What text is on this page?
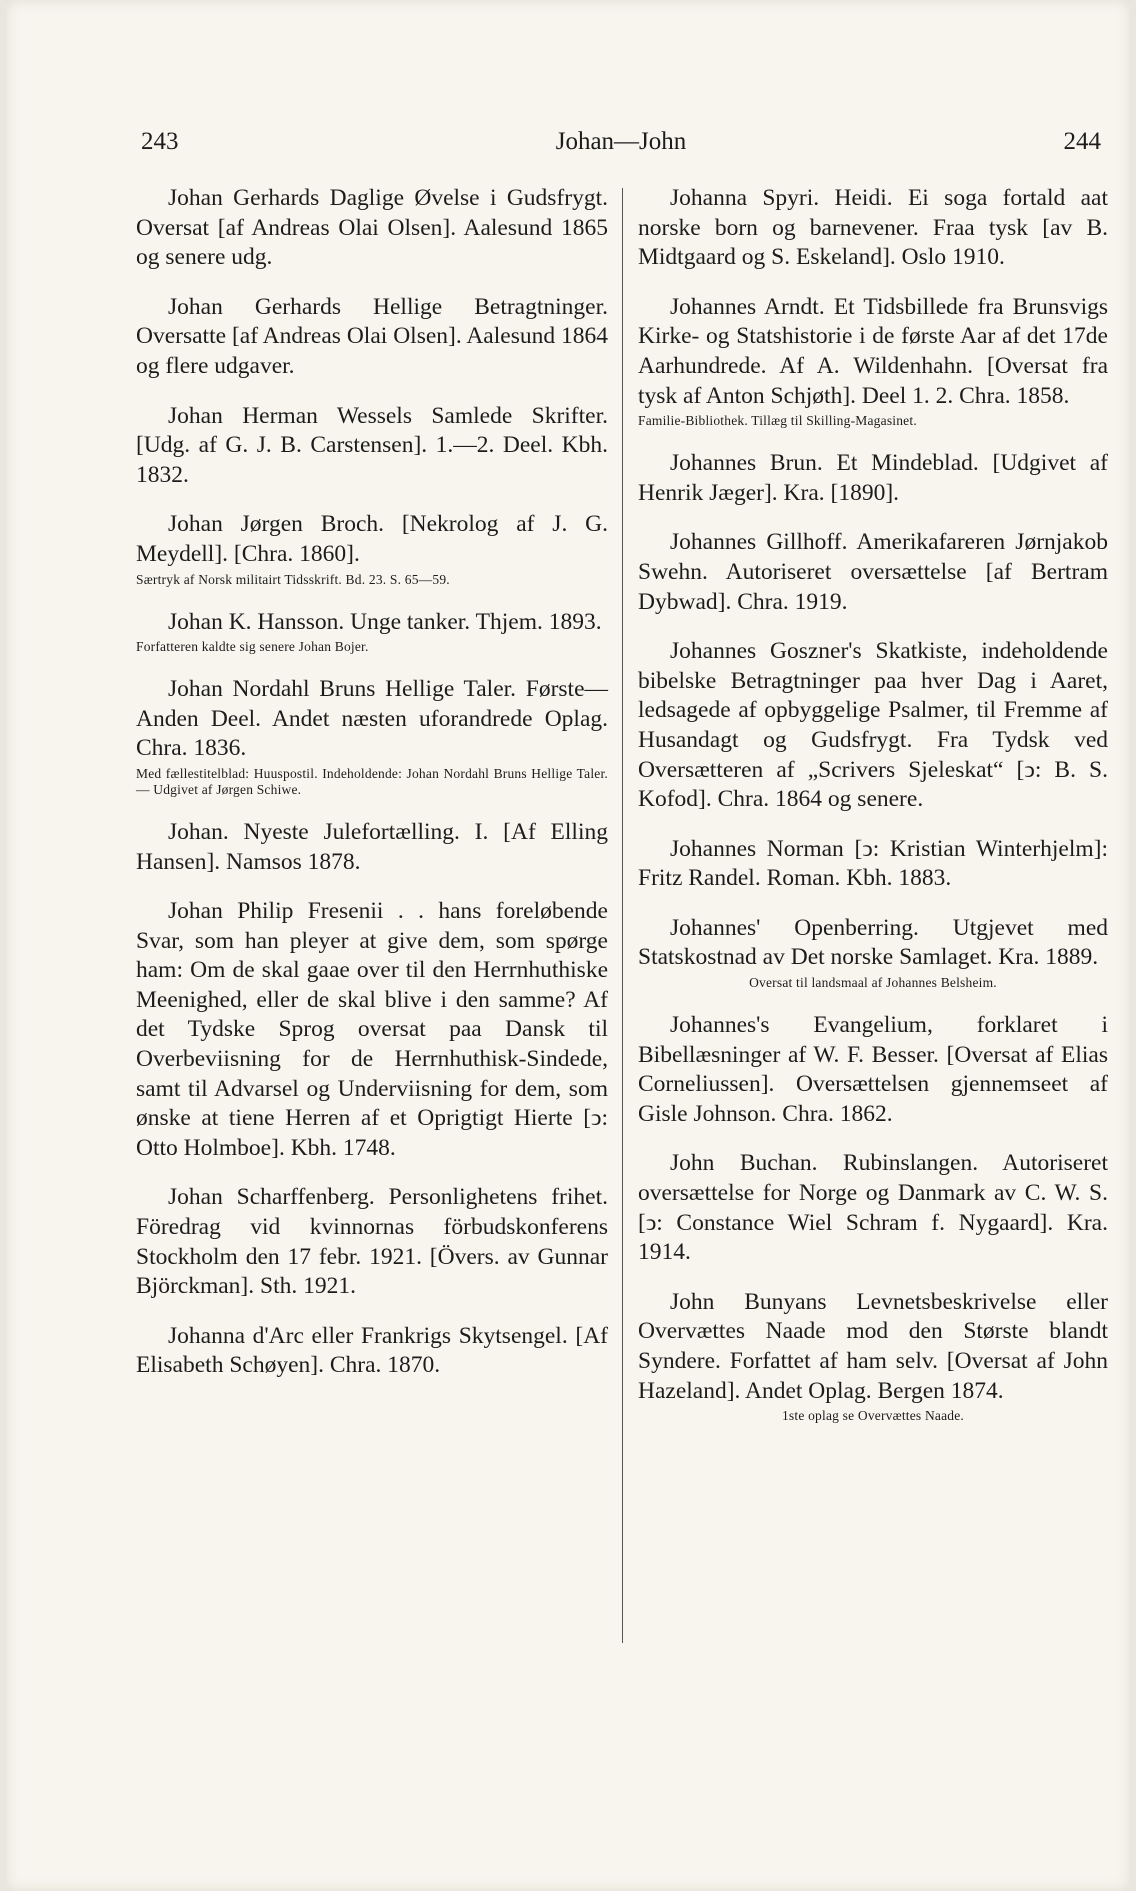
243	Johan—John	244

Johan Gerhards Daglige Øvelse i Gudsfrygt. Oversat [af Andreas Olai Olsen]. Aalesund 1865 og senere udg.

Johan Gerhards Hellige Betragtninger. Oversatte [af Andreas Olai Olsen]. Aalesund 1864 og flere udgaver.

Johan Herman Wessels Samlede Skrifter. [Udg. af G. J. B. Carstensen]. 1.—2. Deel. Kbh. 1832.

Johan Jørgen Broch. [Nekrolog af J. G. Meydell]. [Chra. 1860].

Særtryk af Norsk militairt Tidsskrift. Bd. 23. S. 65—59.

Johan K. Hansson. Unge tanker. Thjem. 1893.

Forfatteren kaldte sig senere Johan Bojer.

Johan Nordahl Bruns Hellige Taler. Første—Anden Deel. Andet næsten uforandrede Oplag. Chra. 1836.

Med fællestitelblad: Huuspostil. Indeholdende: Johan Nordahl Bruns Hellige Taler. — Udgivet af Jørgen Schiwe.

Johan. Nyeste Julefortælling. I. [Af Elling Hansen]. Namsos 1878.

Johan Philip Fresenii . . hans foreløbende Svar, som han pleyer at give dem, som spørge ham: Om de skal gaae over til den Herrnhuthiske Meenighed, eller de skal blive i den samme? Af det Tydske Sprog oversat paa Dansk til Overbeviisning for de Herrnhuthisk-Sindede, samt til Advarsel og Underviisning for dem, som ønske at tiene Herren af et Oprigtigt Hierte [ↄ: Otto Holmboe]. Kbh. 1748.

Johan Scharffenberg. Personlighetens frihet. Föredrag vid kvinnornas förbudskonferens Stockholm den 17 febr. 1921. [Övers. av Gunnar Björckman]. Sth. 1921.

Johanna d'Arc eller Frankrigs Skytsengel. [Af Elisabeth Schøyen]. Chra. 1870.

Johanna Spyri. Heidi. Ei soga fortald aat norske born og barnevener. Fraa tysk [av B. Midtgaard og S. Eskeland]. Oslo 1910.

Johannes Arndt. Et Tidsbillede fra Brunsvigs Kirke- og Statshistorie i de første Aar af det 17de Aarhundrede. Af A. Wildenhahn. [Oversat fra tysk af Anton Schjøth]. Deel 1. 2. Chra. 1858.

Familie-Bibliothek. Tillæg til Skilling-Magasinet.

Johannes Brun. Et Mindeblad. [Udgivet af Henrik Jæger]. Kra. [1890].

Johannes Gillhoff. Amerikafareren Jørnjakob Swehn. Autoriseret oversættelse [af Bertram Dybwad]. Chra. 1919.

Johannes Goszner's Skatkiste, indeholdende bibelske Betragtninger paa hver Dag i Aaret, ledsagede af opbyggelige Psalmer, til Fremme af Husandagt og Gudsfrygt. Fra Tydsk ved Oversætteren af „Scrivers Sjeleskat“ [ↄ: B. S. Kofod]. Chra. 1864 og senere.

Johannes Norman [ↄ: Kristian Winterhjelm]: Fritz Randel. Roman. Kbh. 1883.

Johannes' Openberring. Utgjevet med Statskostnad av Det norske Samlaget. Kra. 1889.

Oversat til landsmaal af Johannes Belsheim.

Johannes's Evangelium, forklaret i Bibellæsninger af W. F. Besser. [Oversat af Elias Corneliussen]. Oversættelsen gjennemseet af Gisle Johnson. Chra. 1862.

John Buchan. Rubinslangen. Autoriseret oversættelse for Norge og Danmark av C. W. S. [ↄ: Constance Wiel Schram f. Nygaard]. Kra. 1914.

John Bunyans Levnetsbeskrivelse eller Overvættes Naade mod den Største blandt Syndere. Forfattet af ham selv. [Oversat af John Hazeland]. Andet Oplag. Bergen 1874.

1ste oplag se Overvættes Naade.
